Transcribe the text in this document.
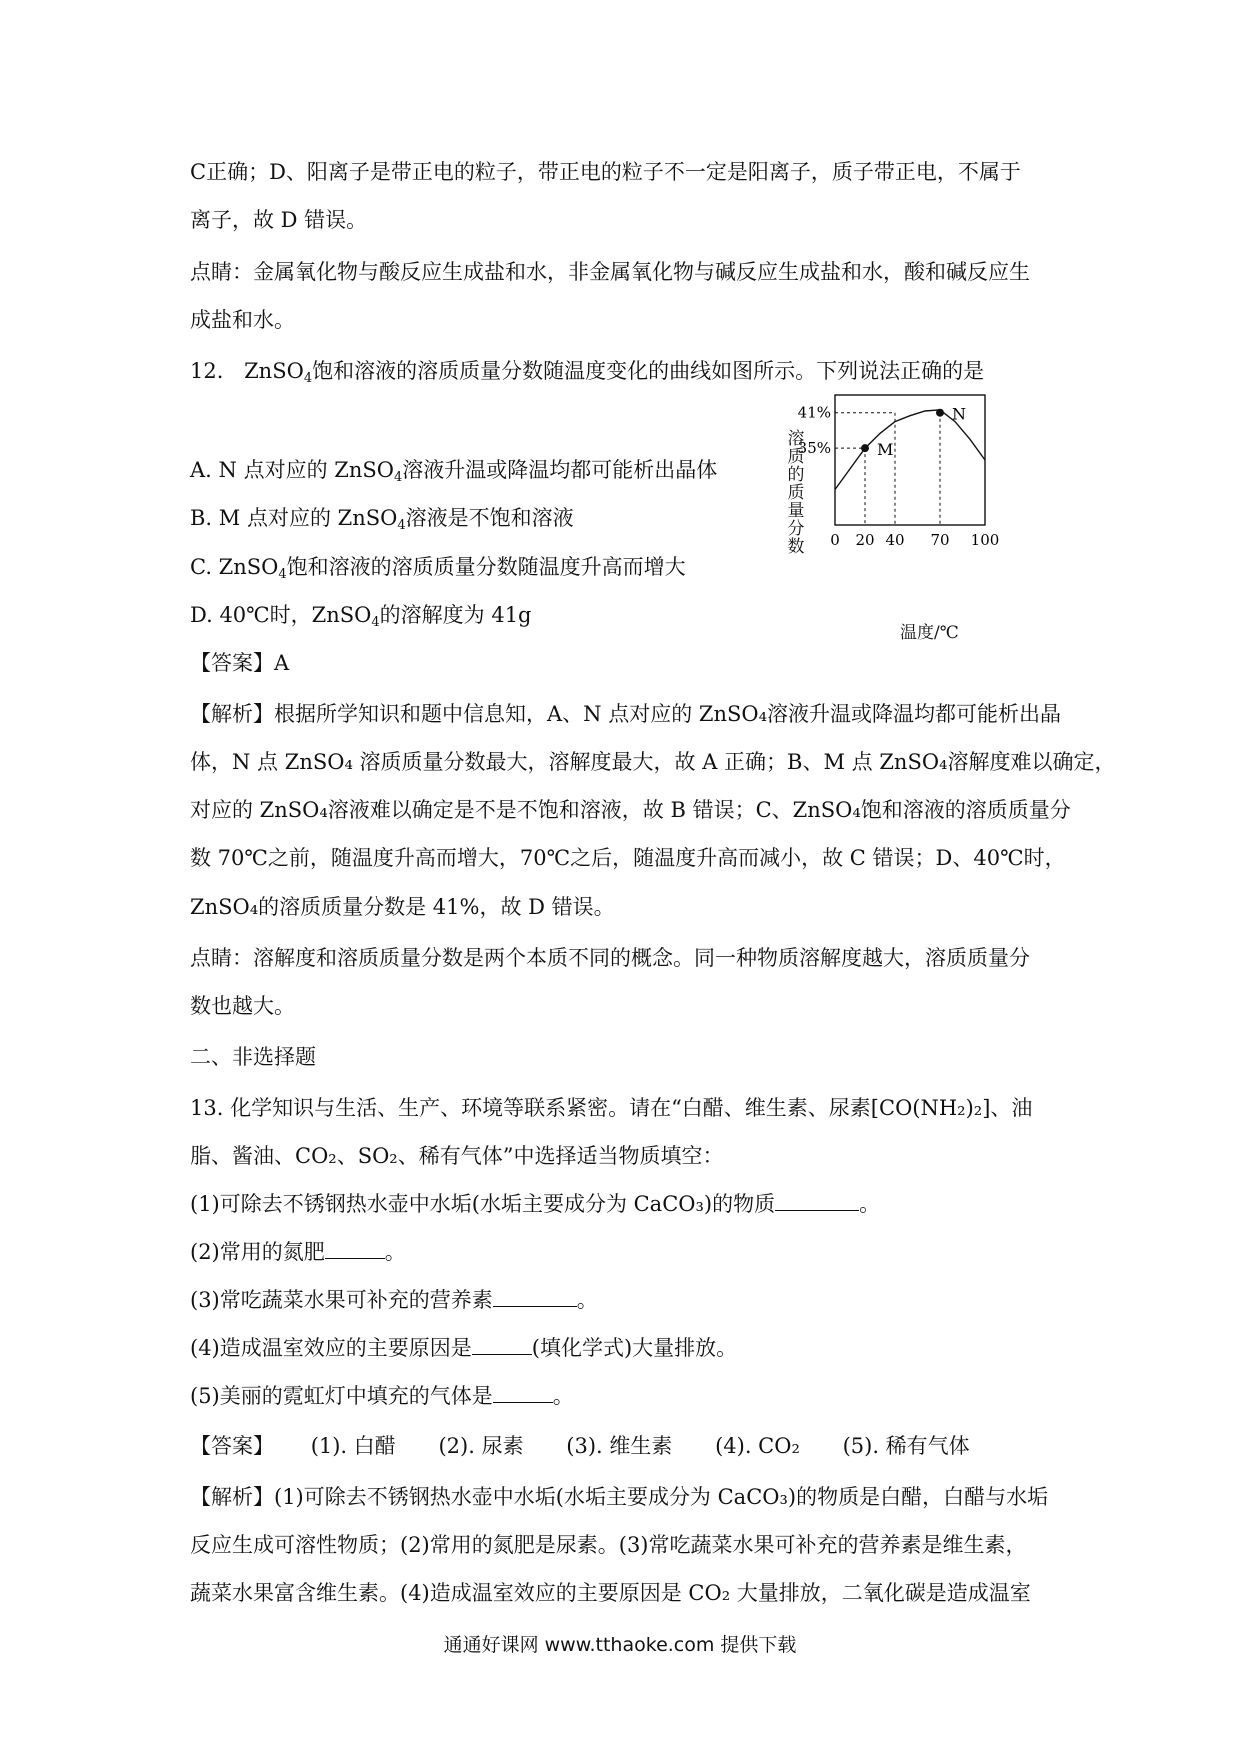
C正确；D、阳离子是带正电的粒子，带正电的粒子不一定是阳离子，质子带正电，不属于
离子，故 D 错误。
点睛：金属氧化物与酸反应生成盐和水，非金属氧化物与碱反应生成盐和水，酸和碱反应生
成盐和水。
12. ZnSO$_4$饱和溶液的溶质质量分数随温度变化的曲线如图所示。下列说法正确的是
A. N 点对应的 ZnSO$_4$溶液升温或降温均都可能析出晶体
B. M 点对应的 ZnSO$_4$溶液是不饱和溶液
C. ZnSO$_4$饱和溶液的溶质质量分数随温度升高而增大
D. 40℃时，ZnSO$_4$的溶解度为 41g
溶质的质量分数
M
N
41%
35%
0 20 40 70 100
温度/℃
【答案】A
【解析】根据所学知识和题中信息知，A、N 点对应的 ZnSO₄溶液升温或降温均都可能析出晶
体，N 点 ZnSO₄ 溶质质量分数最大，溶解度最大，故 A 正确；B、M 点 ZnSO₄溶解度难以确定，
对应的 ZnSO₄溶液难以确定是不是不饱和溶液，故 B 错误；C、ZnSO₄饱和溶液的溶质质量分
数 70℃之前，随温度升高而增大，70℃之后，随温度升高而减小，故 C 错误；D、40℃时，
ZnSO₄的溶质质量分数是 41%，故 D 错误。
点睛：溶解度和溶质质量分数是两个本质不同的概念。同一种物质溶解度越大，溶质质量分
数也越大。
二、非选择题
13. 化学知识与生活、生产、环境等联系紧密。请在“白醋、维生素、尿素[CO(NH₂)₂]、油
脂、酱油、CO₂、SO₂、稀有气体”中选择适当物质填空：
(1)可除去不锈钢热水壶中水垢(水垢主要成分为 CaCO₃)的物质	。
(2)常用的氮肥	。
(3)常吃蔬菜水果可补充的营养素	。
(4)造成温室效应的主要原因是	(填化学式)大量排放。
(5)美丽的霓虹灯中填充的气体是	。
【答案】 (1). 白醋 (2). 尿素 (3). 维生素 (4). CO₂ (5). 稀有气体
【解析】(1)可除去不锈钢热水壶中水垢(水垢主要成分为 CaCO₃)的物质是白醋，白醋与水垢
反应生成可溶性物质；(2)常用的氮肥是尿素。(3)常吃蔬菜水果可补充的营养素是维生素，
蔬菜水果富含维生素。(4)造成温室效应的主要原因是 CO₂ 大量排放，二氧化碳是造成温室
通通好课网 www.tthaoke.com 提供下载
